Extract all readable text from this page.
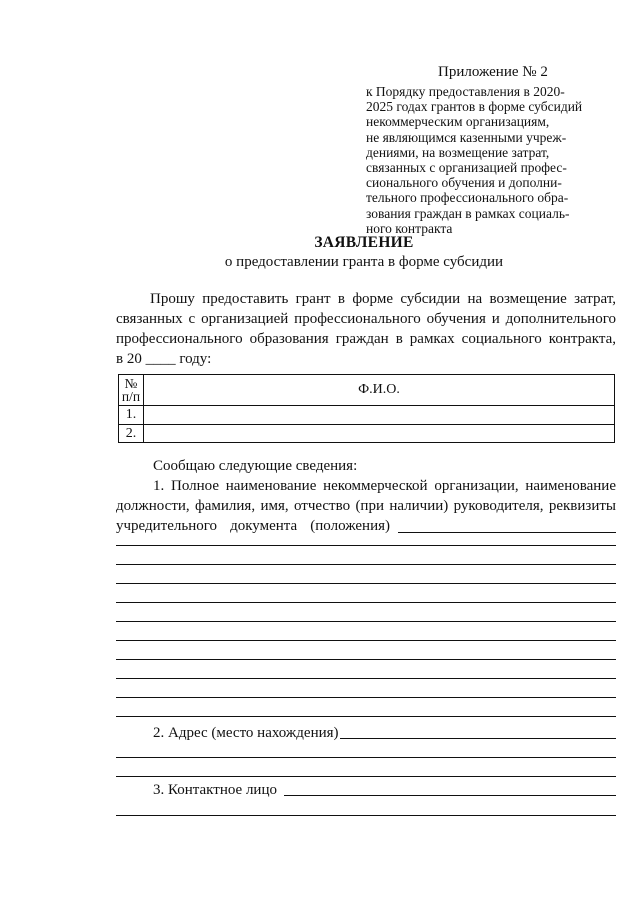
Приложение № 2
к Порядку предоставления в 2020-
2025 годах грантов в форме субсидий
некоммерческим организациям,
не являющимся казенными учреж-
дениями, на возмещение затрат,
связанных с организацией профес-
сионального обучения и дополни-
тельного профессионального обра-
зования граждан в рамках социаль-
ного контракта
ЗАЯВЛЕНИЕ
о предоставлении гранта в форме субсидии
Прошу предоставить грант в форме субсидии на возмещение затрат,
связанных с организацией профессионального обучения и дополнительного
профессионального образования граждан в рамках социального контракта,
в 20 ____ году:
№
п/п	Ф.И.О.
1.	
2.	
Сообщаю следующие сведения:
1. Полное наименование некоммерческой организации, наименование
должности, фамилия, имя, отчество (при наличии) руководителя, реквизиты
учредительного документа (положения)
2. Адрес (место нахождения)
3. Контактное лицо
